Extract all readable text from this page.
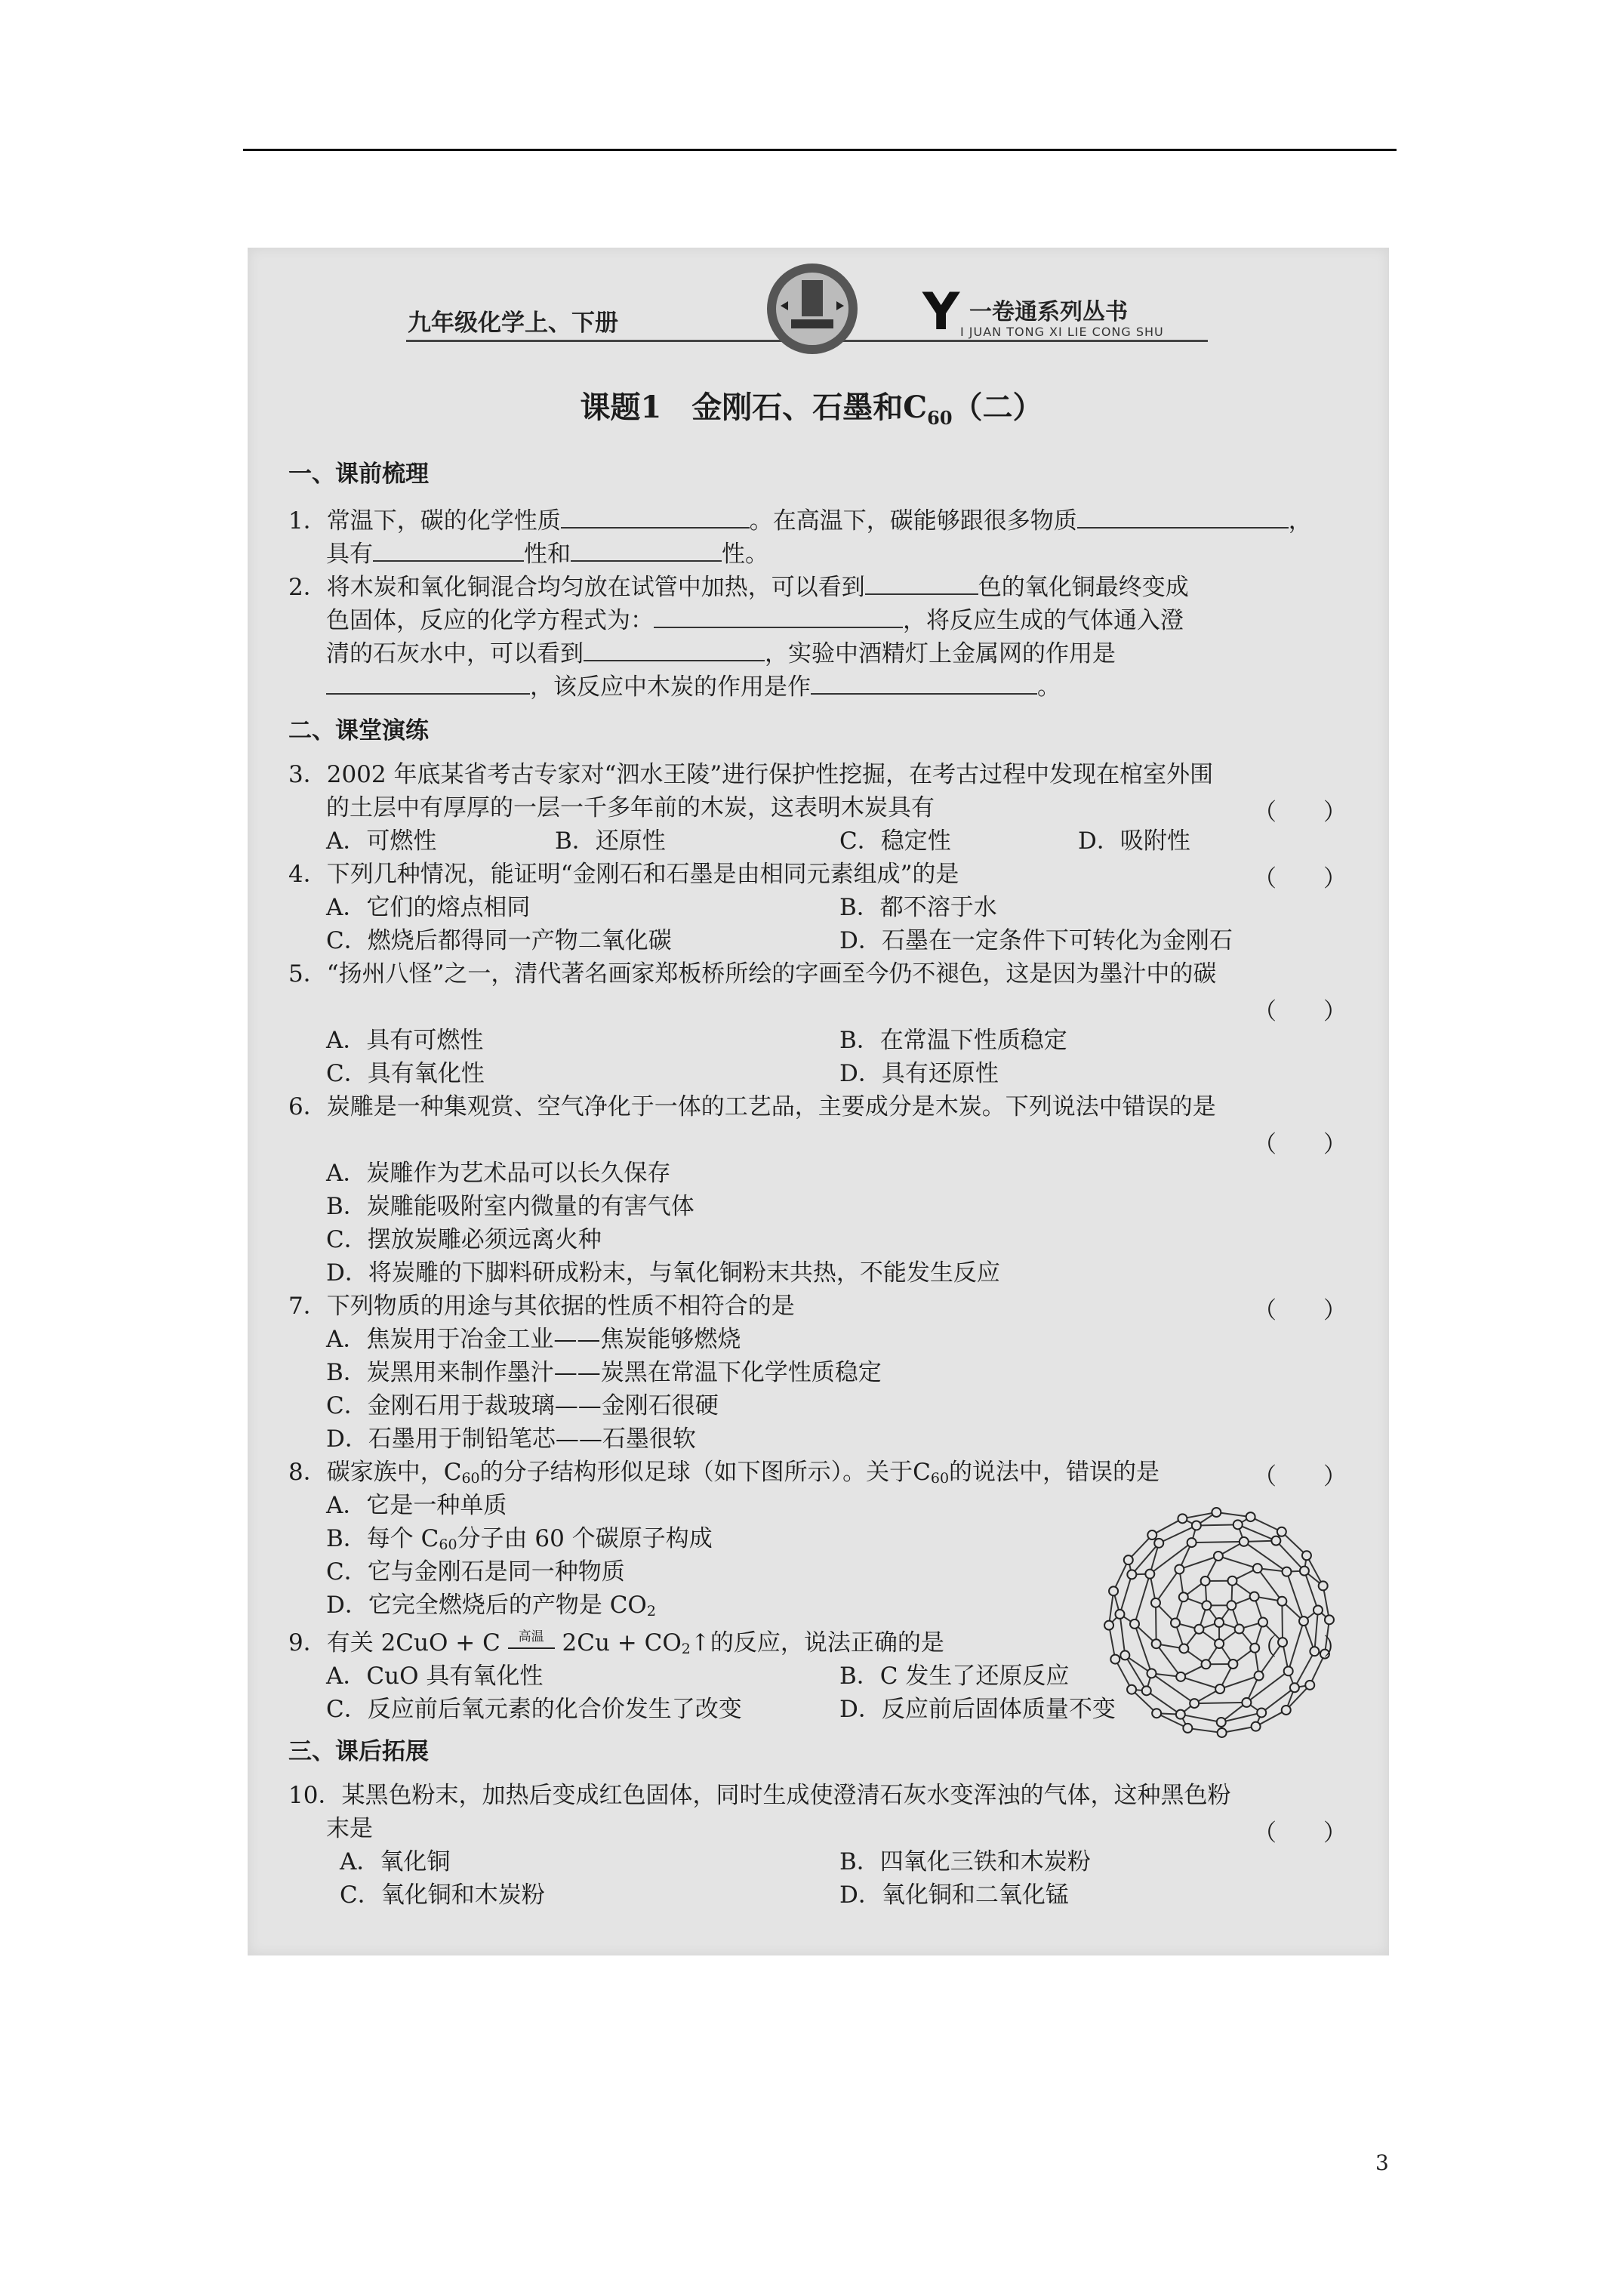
九年级化学上、下册	Y 一卷通系列丛书
I JUAN TONG XI LIE CONG SHU
课题1　金刚石、石墨和$C_{60}$（二）
一、课前梳理
1．常温下，碳的化学性质	。在高温下，碳能够跟很多物质	，
具有	性和	性。
2．将木炭和氧化铜混合均匀放在试管中加热，可以看到	色的氧化铜最终变成
色固体，反应的化学方程式为：	，将反应生成的气体通入澄
清的石灰水中，可以看到	，实验中酒精灯上金属网的作用是
，该反应中木炭的作用是作	。
二、课堂演练
3．2002 年底某省考古专家对“泗水王陵”进行保护性挖掘，在考古过程中发现在棺室外围
的土层中有厚厚的一层一千多年前的木炭，这表明木炭具有	（　　）
A．可燃性	B．还原性	C．稳定性	D．吸附性
4．下列几种情况，能证明“金刚石和石墨是由相同元素组成”的是	（　　）
A．它们的熔点相同	B．都不溶于水
C．燃烧后都得同一产物二氧化碳	D．石墨在一定条件下可转化为金刚石
5．“扬州八怪”之一，清代著名画家郑板桥所绘的字画至今仍不褪色，这是因为墨汁中的碳
（　　）
A．具有可燃性	B．在常温下性质稳定
C．具有氧化性	D．具有还原性
6．炭雕是一种集观赏、空气净化于一体的工艺品，主要成分是木炭。下列说法中错误的是
（　　）
A．炭雕作为艺术品可以长久保存
B．炭雕能吸附室内微量的有害气体
C．摆放炭雕必须远离火种
D．将炭雕的下脚料研成粉末，与氧化铜粉末共热，不能发生反应
7．下列物质的用途与其依据的性质不相符合的是	（　　）
A．焦炭用于冶金工业——焦炭能够燃烧
B．炭黑用来制作墨汁——炭黑在常温下化学性质稳定
C．金刚石用于裁玻璃——金刚石很硬
D．石墨用于制铅笔芯——石墨很软
8．碳家族中，$C_{60}$的分子结构形似足球（如下图所示）。关于$C_{60}$的说法中，错误的是	（　　）
A．它是一种单质
B．每个 $C_{60}$分子由 60 个碳原子构成
C．它与金刚石是同一种物质
D．它完全燃烧后的产物是 $CO_2$
9．有关 2CuO + C	高温 $2Cu + CO_2↑$的反应，说法正确的是	（　　）
A．CuO 具有氧化性	B．C 发生了还原反应
C．反应前后氧元素的化合价发生了改变	D．反应前后固体质量不变
三、课后拓展
10．某黑色粉末，加热后变成红色固体，同时生成使澄清石灰水变浑浊的气体，这种黑色粉
末是	（　　）
A．氧化铜	B．四氧化三铁和木炭粉
C．氧化铜和木炭粉	D．氧化铜和二氧化锰
3
